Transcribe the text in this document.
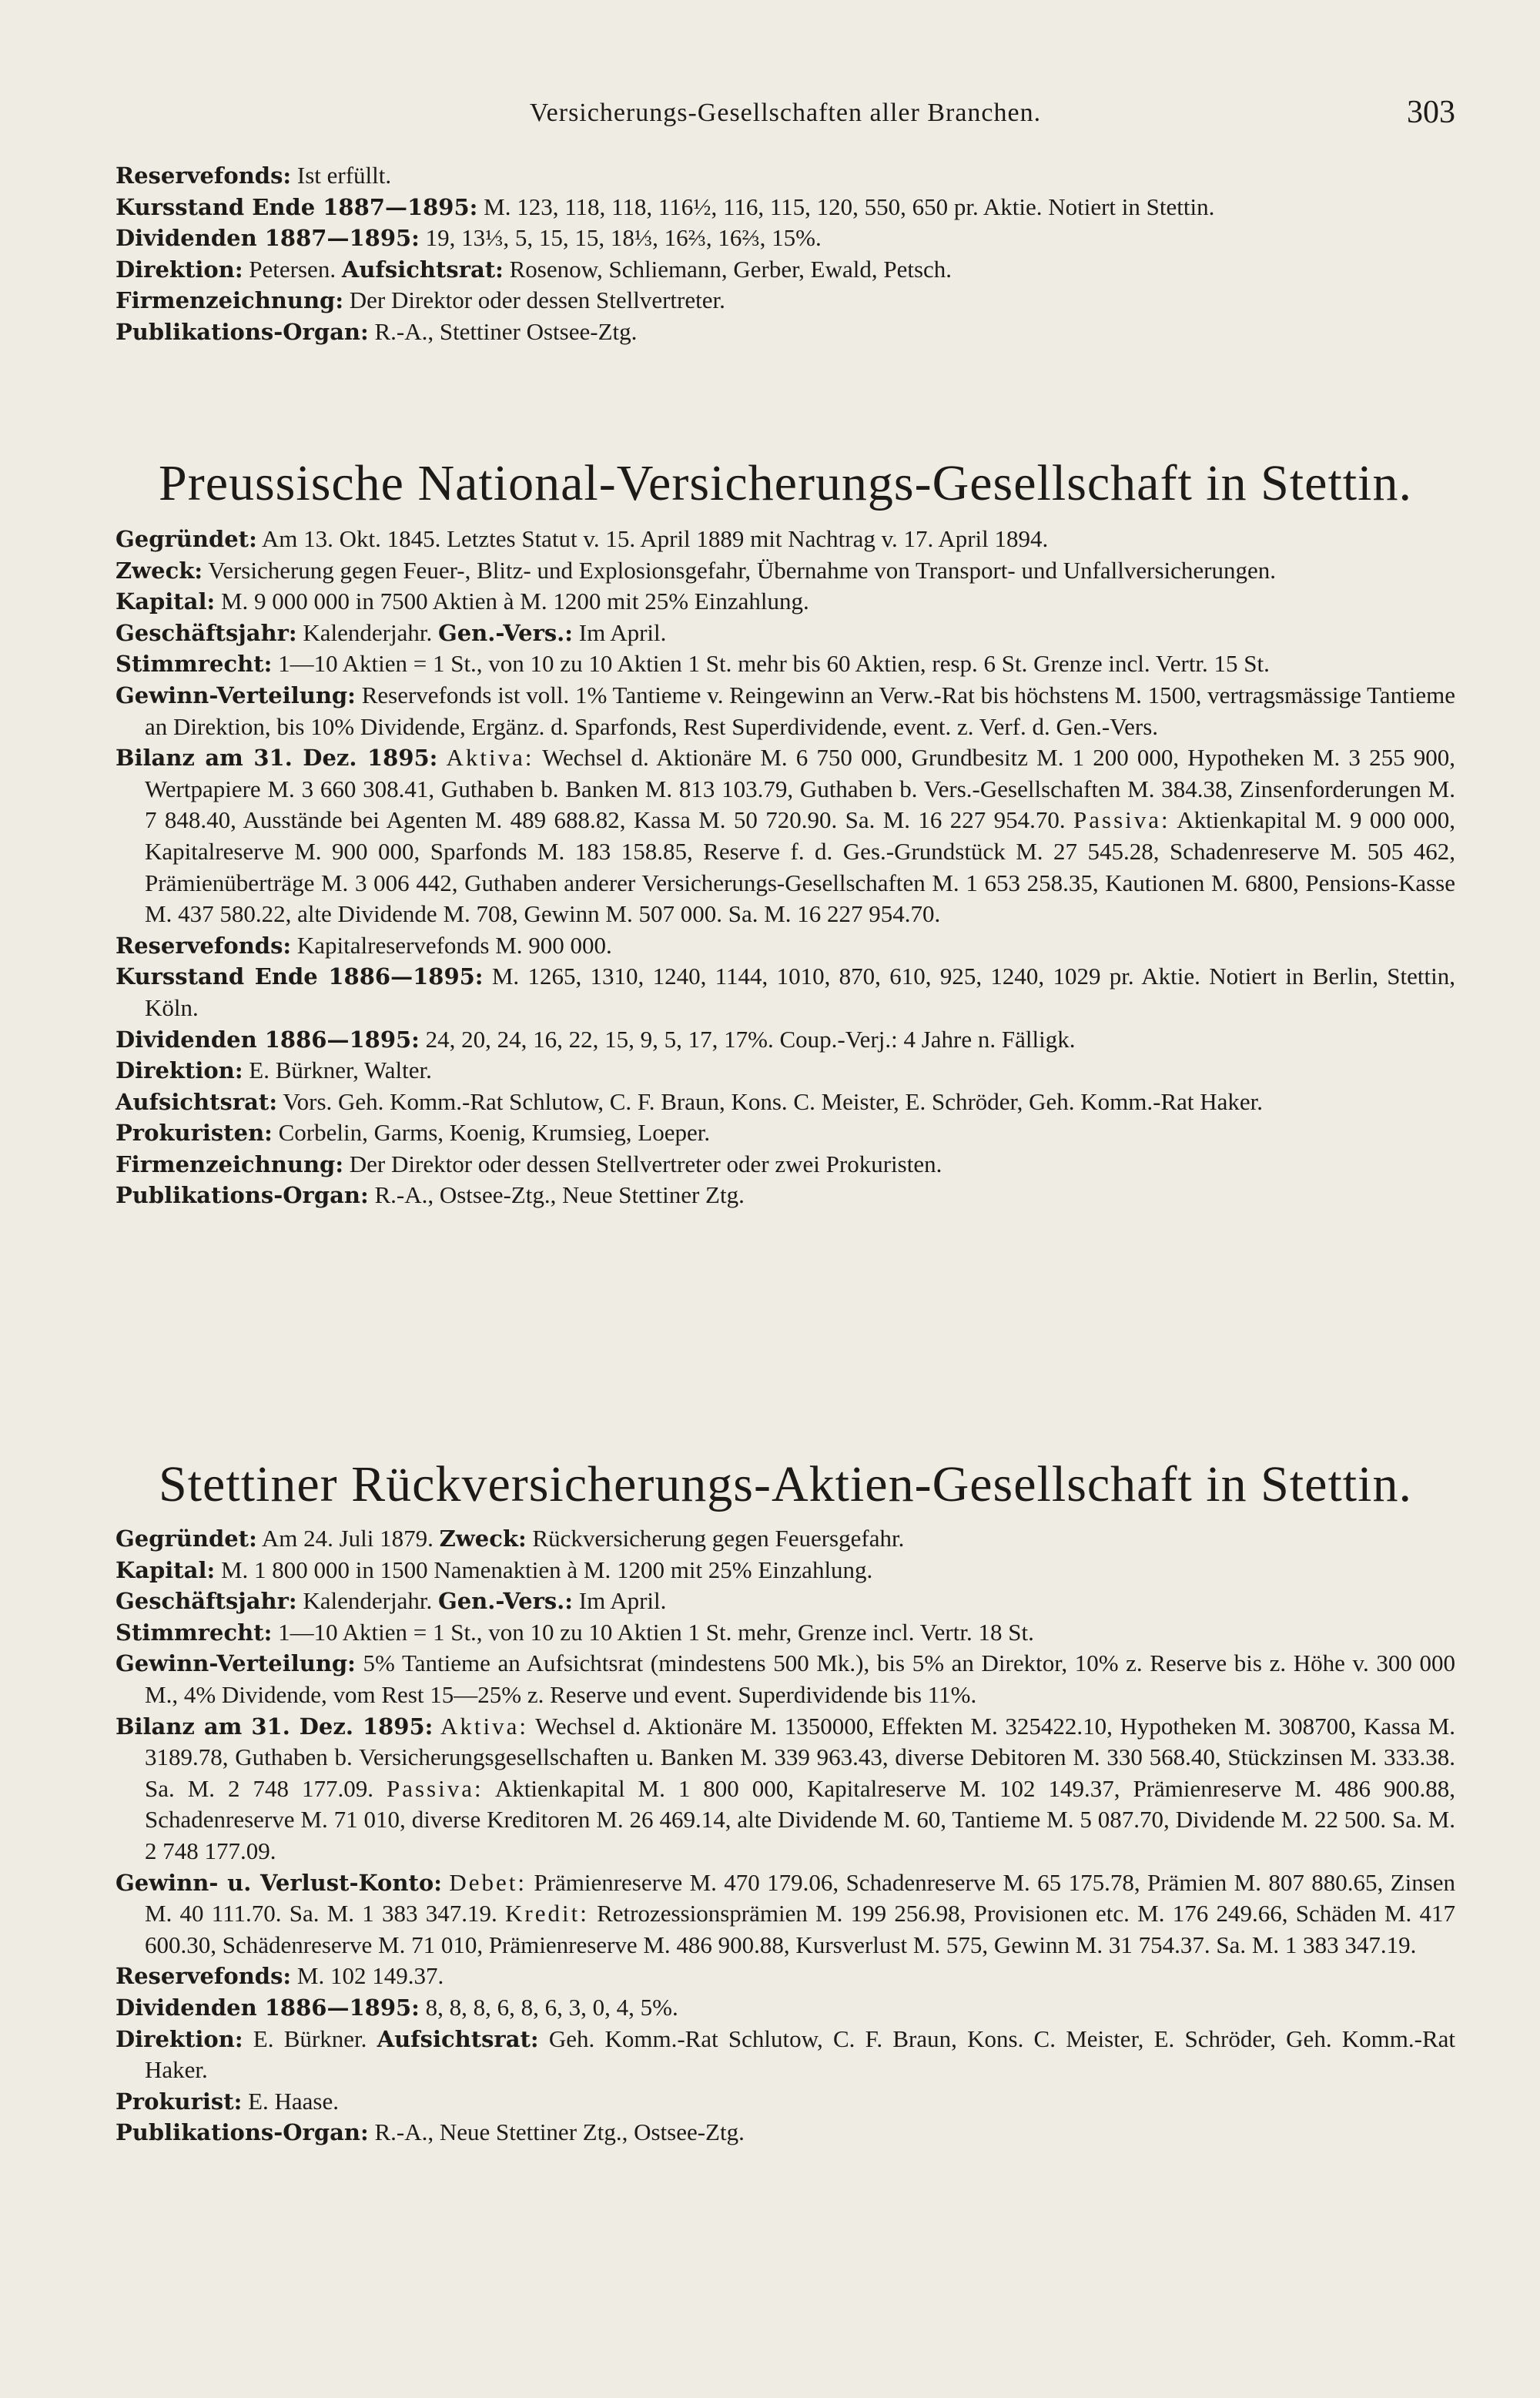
Versicherungs-Gesellschaften aller Branchen.	303

Reservefonds: Ist erfüllt.

Kursstand Ende 1887—1895: M. 123, 118, 118, 116½, 116, 115, 120, 550, 650 pr. Aktie. Notiert in Stettin.

Dividenden 1887—1895: 19, 13⅓, 5, 15, 15, 18⅓, 16⅔, 16⅔, 15%.

Direktion: Petersen. Aufsichtsrat: Rosenow, Schliemann, Gerber, Ewald, Petsch.

Firmenzeichnung: Der Direktor oder dessen Stellvertreter.

Publikations-Organ: R.-A., Stettiner Ostsee-Ztg.

Preussische National-Versicherungs-Gesellschaft in Stettin.

Gegründet: Am 13. Okt. 1845. Letztes Statut v. 15. April 1889 mit Nachtrag v. 17. April 1894.

Zweck: Versicherung gegen Feuer-, Blitz- und Explosionsgefahr, Übernahme von Transport- und Unfallversicherungen.

Kapital: M. 9 000 000 in 7500 Aktien à M. 1200 mit 25% Einzahlung.

Geschäftsjahr: Kalenderjahr. Gen.-Vers.: Im April.

Stimmrecht: 1—10 Aktien = 1 St., von 10 zu 10 Aktien 1 St. mehr bis 60 Aktien, resp. 6 St. Grenze incl. Vertr. 15 St.

Gewinn-Verteilung: Reservefonds ist voll. 1% Tantieme v. Reingewinn an Verw.-Rat bis höchstens M. 1500, vertragsmässige Tantieme an Direktion, bis 10% Dividende, Ergänz. d. Sparfonds, Rest Superdividende, event. z. Verf. d. Gen.-Vers.

Bilanz am 31. Dez. 1895: Aktiva: Wechsel d. Aktionäre M. 6 750 000, Grundbesitz M. 1 200 000, Hypotheken M. 3 255 900, Wertpapiere M. 3 660 308.41, Guthaben b. Banken M. 813 103.79, Guthaben b. Vers.-Gesellschaften M. 384.38, Zinsenforderungen M. 7 848.40, Ausstände bei Agenten M. 489 688.82, Kassa M. 50 720.90. Sa. M. 16 227 954.70. Passiva: Aktienkapital M. 9 000 000, Kapitalreserve M. 900 000, Sparfonds M. 183 158.85, Reserve f. d. Ges.-Grundstück M. 27 545.28, Schadenreserve M. 505 462, Prämienüberträge M. 3 006 442, Guthaben anderer Versicherungs-Gesellschaften M. 1 653 258.35, Kautionen M. 6800, Pensions-Kasse M. 437 580.22, alte Dividende M. 708, Gewinn M. 507 000. Sa. M. 16 227 954.70.

Reservefonds: Kapitalreservefonds M. 900 000.

Kursstand Ende 1886—1895: M. 1265, 1310, 1240, 1144, 1010, 870, 610, 925, 1240, 1029 pr. Aktie. Notiert in Berlin, Stettin, Köln.

Dividenden 1886—1895: 24, 20, 24, 16, 22, 15, 9, 5, 17, 17%. Coup.-Verj.: 4 Jahre n. Fälligk.

Direktion: E. Bürkner, Walter.

Aufsichtsrat: Vors. Geh. Komm.-Rat Schlutow, C. F. Braun, Kons. C. Meister, E. Schröder, Geh. Komm.-Rat Haker.

Prokuristen: Corbelin, Garms, Koenig, Krumsieg, Loeper.

Firmenzeichnung: Der Direktor oder dessen Stellvertreter oder zwei Prokuristen.

Publikations-Organ: R.-A., Ostsee-Ztg., Neue Stettiner Ztg.

Stettiner Rückversicherungs-Aktien-Gesellschaft in Stettin.

Gegründet: Am 24. Juli 1879. Zweck: Rückversicherung gegen Feuersgefahr.

Kapital: M. 1 800 000 in 1500 Namenaktien à M. 1200 mit 25% Einzahlung.

Geschäftsjahr: Kalenderjahr. Gen.-Vers.: Im April.

Stimmrecht: 1—10 Aktien = 1 St., von 10 zu 10 Aktien 1 St. mehr, Grenze incl. Vertr. 18 St.

Gewinn-Verteilung: 5% Tantieme an Aufsichtsrat (mindestens 500 Mk.), bis 5% an Direktor, 10% z. Reserve bis z. Höhe v. 300 000 M., 4% Dividende, vom Rest 15—25% z. Reserve und event. Superdividende bis 11%.

Bilanz am 31. Dez. 1895: Aktiva: Wechsel d. Aktionäre M. 1350000, Effekten M. 325422.10, Hypotheken M. 308700, Kassa M. 3189.78, Guthaben b. Versicherungsgesellschaften u. Banken M. 339 963.43, diverse Debitoren M. 330 568.40, Stückzinsen M. 333.38. Sa. M. 2 748 177.09. Passiva: Aktienkapital M. 1 800 000, Kapitalreserve M. 102 149.37, Prämienreserve M. 486 900.88, Schadenreserve M. 71 010, diverse Kreditoren M. 26 469.14, alte Dividende M. 60, Tantieme M. 5 087.70, Dividende M. 22 500. Sa. M. 2 748 177.09.

Gewinn- u. Verlust-Konto: Debet: Prämienreserve M. 470 179.06, Schadenreserve M. 65 175.78, Prämien M. 807 880.65, Zinsen M. 40 111.70. Sa. M. 1 383 347.19. Kredit: Retrozessionsprämien M. 199 256.98, Provisionen etc. M. 176 249.66, Schäden M. 417 600.30, Schädenreserve M. 71 010, Prämienreserve M. 486 900.88, Kursverlust M. 575, Gewinn M. 31 754.37. Sa. M. 1 383 347.19.

Reservefonds: M. 102 149.37.

Dividenden 1886—1895: 8, 8, 8, 6, 8, 6, 3, 0, 4, 5%.

Direktion: E. Bürkner. Aufsichtsrat: Geh. Komm.-Rat Schlutow, C. F. Braun, Kons. C. Meister, E. Schröder, Geh. Komm.-Rat Haker.

Prokurist: E. Haase.

Publikations-Organ: R.-A., Neue Stettiner Ztg., Ostsee-Ztg.
